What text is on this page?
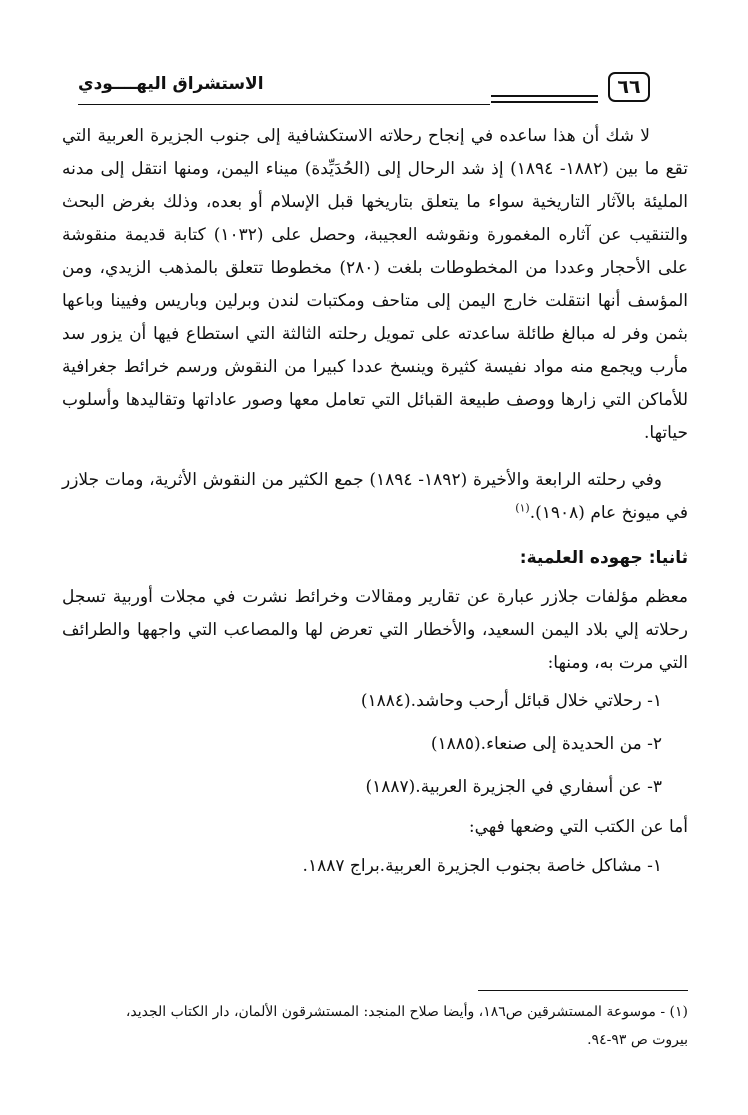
٦٦
الاستشراق اليهــــودي

لا شك أن هذا ساعده في إنجاح رحلاته الاستكشافية إلى جنوب الجزيرة العربية التي تقع ما بين (١٨٨٢- ١٨٩٤) إذ شد الرحال إلى (الحُدَيِّدة) ميناء اليمن، ومنها انتقل إلى مدنه المليئة بالآثار التاريخية سواء ما يتعلق بتاريخها قبل الإسلام أو بعده، وذلك بغرض البحث والتنقيب عن آثاره المغمورة ونقوشه العجيبة، وحصل على (١٠٣٢) كتابة قديمة منقوشة على الأحجار وعددا من المخطوطات بلغت (٢٨٠) مخطوطا تتعلق بالمذهب الزيدي، ومن المؤسف أنها انتقلت خارج اليمن إلى متاحف ومكتبات لندن وبرلين وباريس وفيينا وباعها بثمن وفر له مبالغ طائلة ساعدته على تمويل رحلته الثالثة التي استطاع فيها أن يزور سد مأرب ويجمع منه مواد نفيسة كثيرة وينسخ عددا كبيرا من النقوش ورسم خرائط جغرافية للأماكن التي زارها ووصف طبيعة القبائل التي تعامل معها وصور عاداتها وتقاليدها وأسلوب حياتها.

وفي رحلته الرابعة والأخيرة (١٨٩٢- ١٨٩٤) جمع الكثير من النقوش الأثرية، ومات جلازر في ميونخ عام (١٩٠٨).$^{(١)}$

ثانيا: جهوده العلمية:

معظم مؤلفات جلازر عبارة عن تقارير ومقالات وخرائط نشرت في مجلات أوربية تسجل رحلاته إلي بلاد اليمن السعيد، والأخطار التي تعرض لها والمصاعب التي واجهها والطرائف التي مرت به، ومنها:

١- رحلاتي خلال قبائل أرحب وحاشد.(١٨٨٤)
٢- من الحديدة إلى صنعاء.(١٨٨٥)
٣- عن أسفاري في الجزيرة العربية.(١٨٨٧)

أما عن الكتب التي وضعها فهي:

١- مشاكل خاصة بجنوب الجزيرة العربية.براج ١٨٨٧.

(١) - موسوعة المستشرقين ص١٨٦، وأيضا صلاح المنجد: المستشرقون الألمان، دار الكتاب الجديد،

بيروت ص ٩٣-٩٤.
